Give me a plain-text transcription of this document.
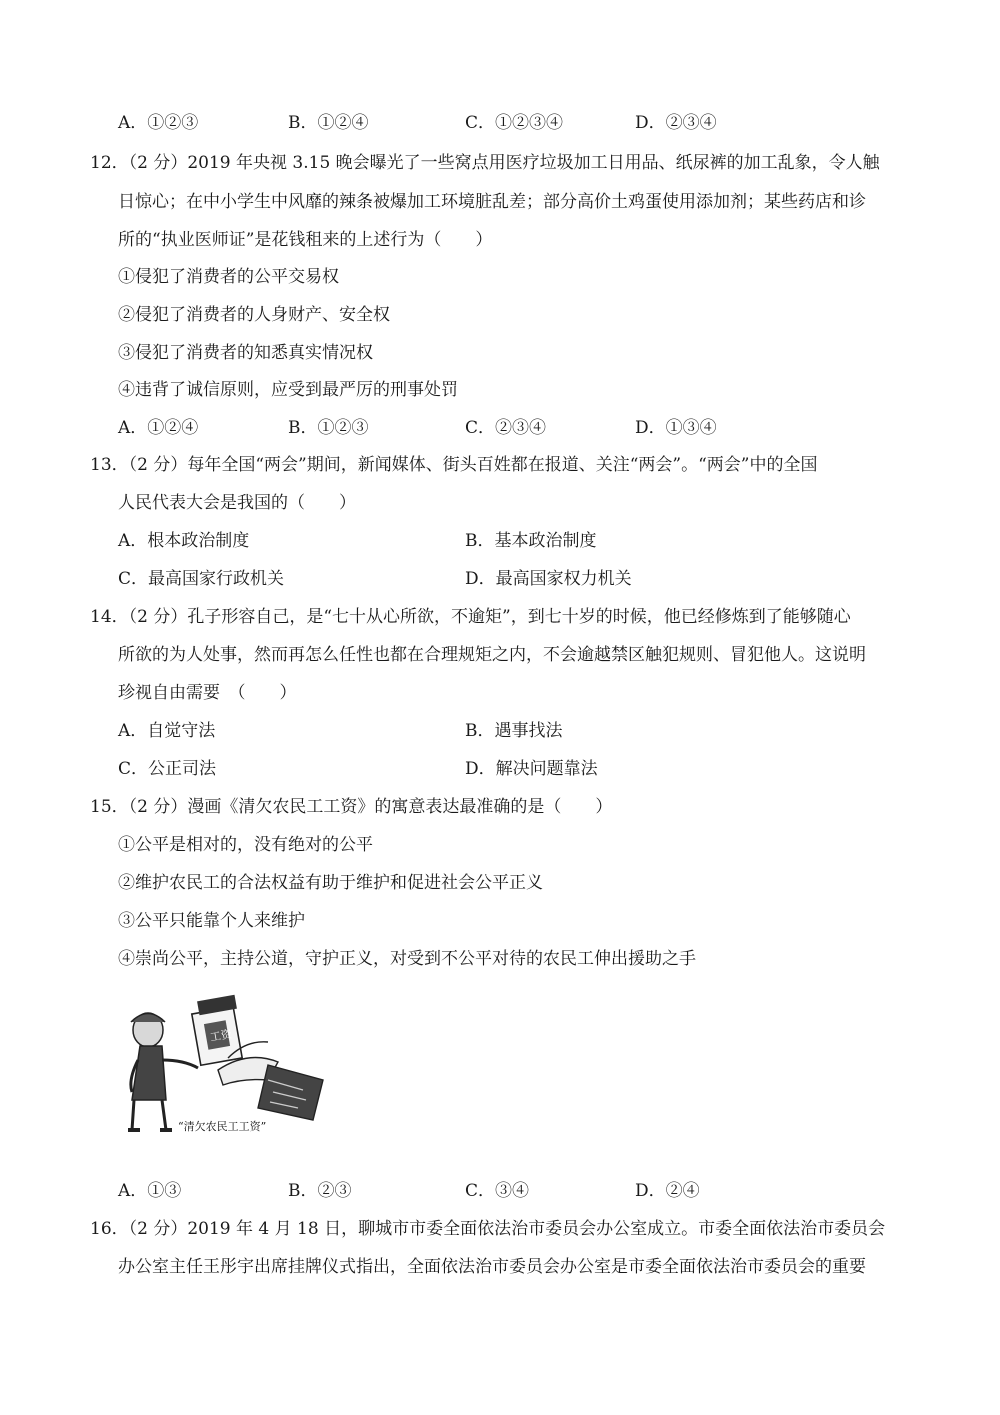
A．①②③	B．①②④	C．①②③④	D．②③④
12．（2 分）2019 年央视 3.15 晚会曝光了一些窝点用医疗垃圾加工日用品、纸尿裤的加工乱象，令人触
日惊心；在中小学生中风靡的辣条被爆加工环境脏乱差；部分高价土鸡蛋使用添加剂；某些药店和诊
所的“执业医师证”是花钱租来的上述行为（　　）
①侵犯了消费者的公平交易权
②侵犯了消费者的人身财产、安全权
③侵犯了消费者的知悉真实情况权
④违背了诚信原则，应受到最严厉的刑事处罚
A．①②④	B．①②③	C．②③④	D．①③④
13．（2 分）每年全国“两会”期间，新闻媒体、街头百姓都在报道、关注“两会”。“两会”中的全国
人民代表大会是我国的（　　）
A．根本政治制度	B．基本政治制度
C．最高国家行政机关	D．最高国家权力机关
14．（2 分）孔子形容自己，是“七十从心所欲，不逾矩”，到七十岁的时候，他已经修炼到了能够随心
所欲的为人处事，然而再怎么任性也都在合理规矩之内，不会逾越禁区触犯规则、冒犯他人。这说明
珍视自由需要　（　　）
A．自觉守法	B．遇事找法
C．公正司法	D．解决问题靠法
15．（2 分）漫画《清欠农民工工资》的寓意表达最准确的是（　　）
①公平是相对的，没有绝对的公平
②维护农民工的合法权益有助于维护和促进社会公平正义
③公平只能靠个人来维护
④崇尚公平，主持公道，守护正义，对受到不公平对待的农民工伸出援助之手
工资
“清欠农民工工资”
A．①③	B．②③	C．③④	D．②④
16．（2 分）2019 年 4 月 18 日，聊城市市委全面依法治市委员会办公室成立。市委全面依法治市委员会
办公室主任王彤宇出席挂牌仪式指出，全面依法治市委员会办公室是市委全面依法治市委员会的重要
